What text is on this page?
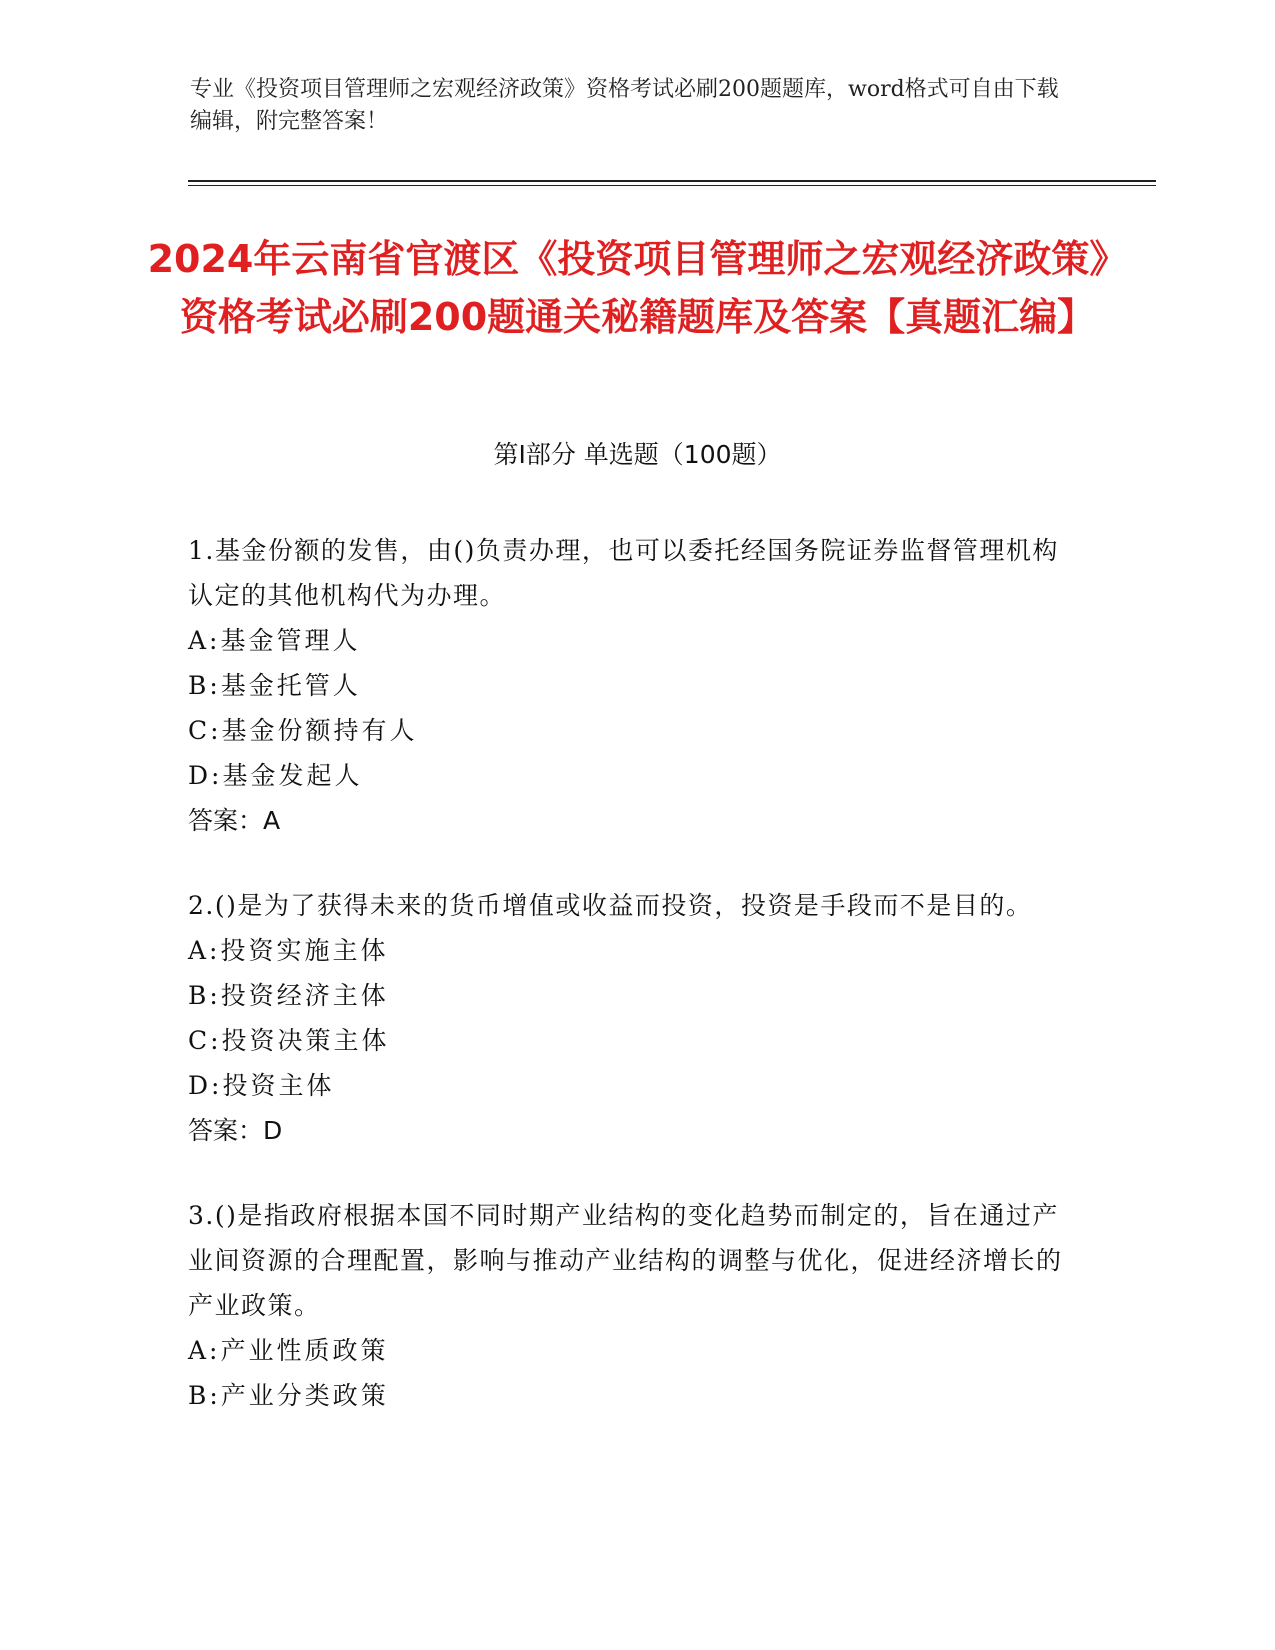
专业《投资项目管理师之宏观经济政策》资格考试必刷200题题库，word格式可自由下载编辑，附完整答案！
2024年云南省官渡区《投资项目管理师之宏观经济政策》资格考试必刷200题通关秘籍题库及答案【真题汇编】
第Ⅰ部分 单选题（100题）
1.基金份额的发售，由()负责办理，也可以委托经国务院证券监督管理机构认定的其他机构代为办理。
A:基金管理人
B:基金托管人
C:基金份额持有人
D:基金发起人
答案：A
2.()是为了获得未来的货币增值或收益而投资，投资是手段而不是目的。
A:投资实施主体
B:投资经济主体
C:投资决策主体
D:投资主体
答案：D
3.()是指政府根据本国不同时期产业结构的变化趋势而制定的，旨在通过产业间资源的合理配置，影响与推动产业结构的调整与优化，促进经济增长的产业政策。
A:产业性质政策
B:产业分类政策
